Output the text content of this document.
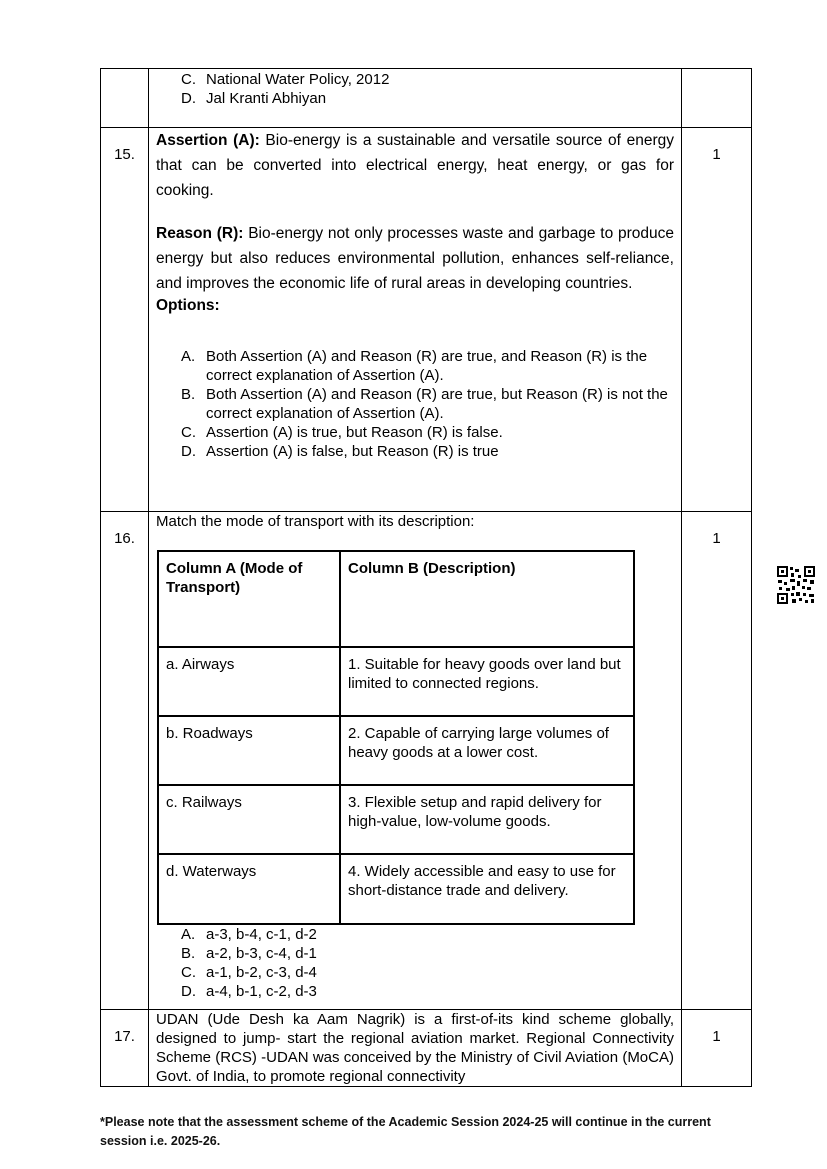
C. National Water Policy, 2012
D. Jal Kranti Abhiyan

15.

Assertion (A): Bio-energy is a sustainable and versatile source of energy that can be converted into electrical energy, heat energy, or gas for cooking.

Reason (R): Bio-energy not only processes waste and garbage to produce energy but also reduces environmental pollution, enhances self-reliance, and improves the economic life of rural areas in developing countries.

Options:
A. Both Assertion (A) and Reason (R) are true, and Reason (R) is the correct explanation of Assertion (A).
B. Both Assertion (A) and Reason (R) are true, but Reason (R) is not the correct explanation of Assertion (A).
C. Assertion (A) is true, but Reason (R) is false.
D. Assertion (A) is false, but Reason (R) is true

1

16.

Match the mode of transport with its description:
Column A (Mode of Transport)	Column B (Description)
a. Airways	1. Suitable for heavy goods over land but limited to connected regions.
b. Roadways	2. Capable of carrying large volumes of heavy goods at a lower cost.
c. Railways	3. Flexible setup and rapid delivery for high-value, low-volume goods.
d. Waterways	4. Widely accessible and easy to use for short-distance trade and delivery.
A. a-3, b-4, c-1, d-2
B. a-2, b-3, c-4, d-1
C. a-1, b-2, c-3, d-4
D. a-4, b-1, c-2, d-3

1

17.

UDAN (Ude Desh ka Aam Nagrik) is a first-of-its kind scheme globally, designed to jump- start the regional aviation market. Regional Connectivity Scheme (RCS) -UDAN was conceived by the Ministry of Civil Aviation (MoCA) Govt. of India, to promote regional connectivity

1
*Please note that the assessment scheme of the Academic Session 2024-25 will continue in the current session i.e. 2025-26.
